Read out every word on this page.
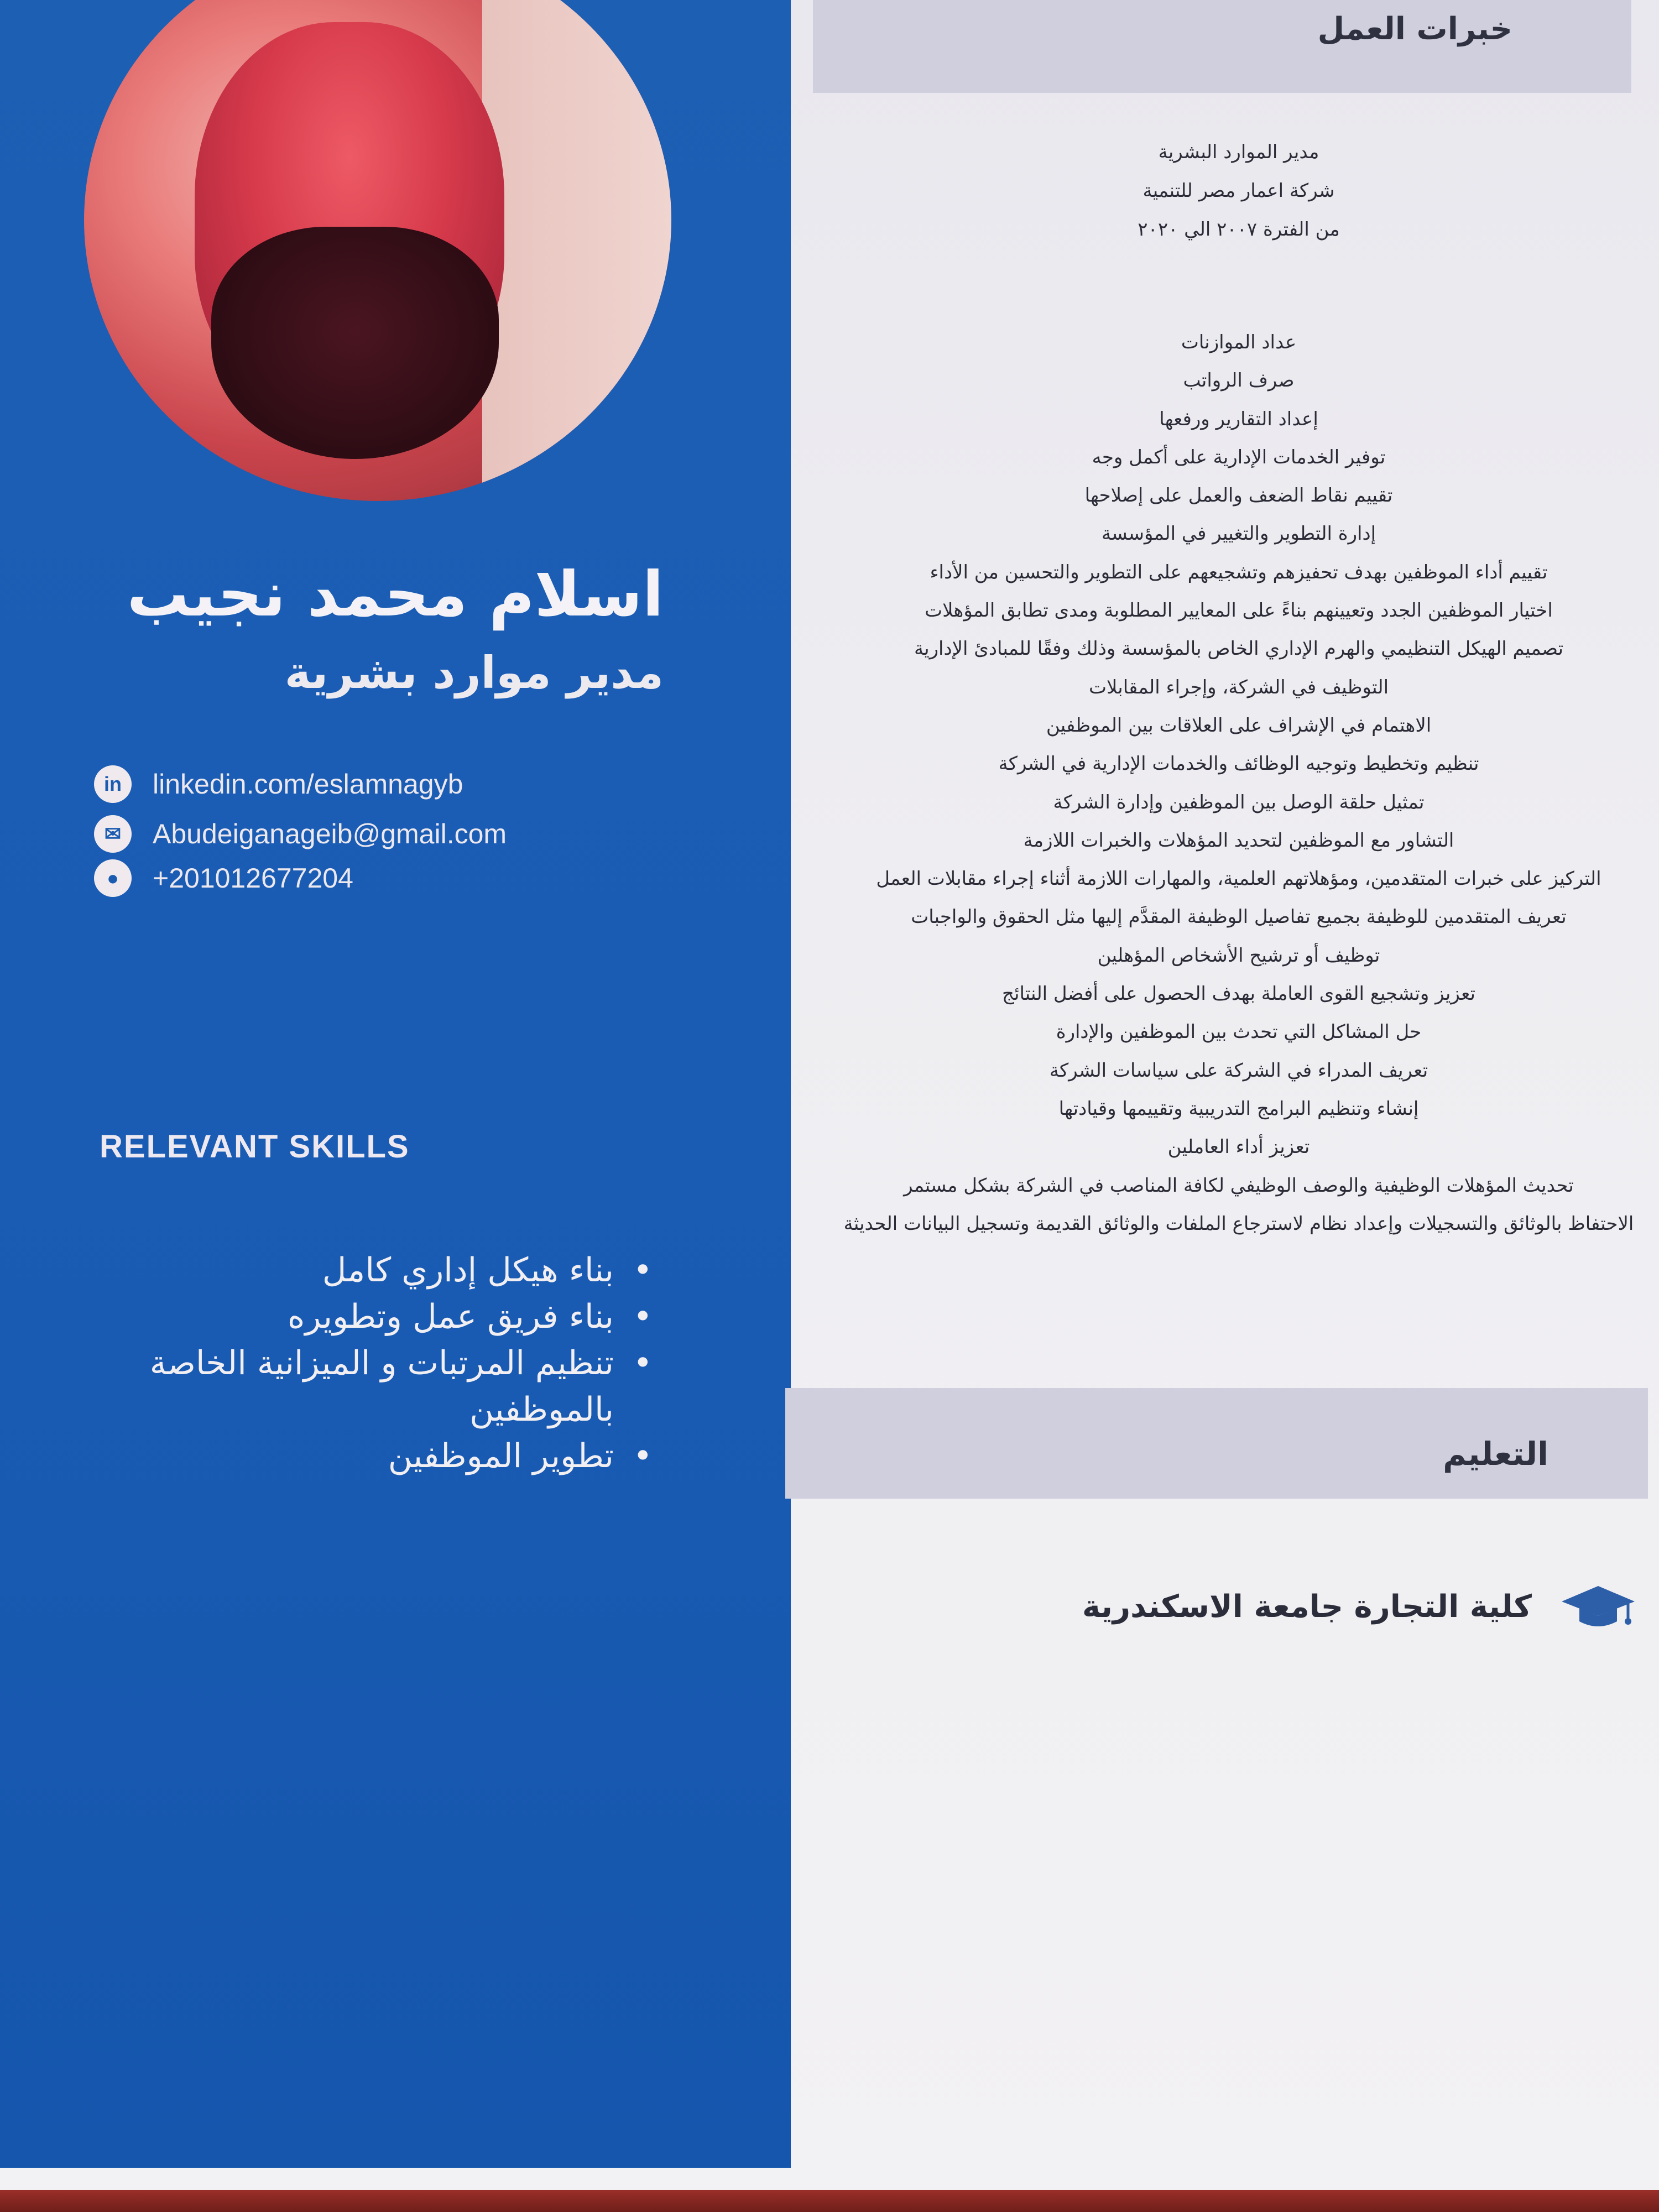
اسلام محمد نجيب
مدير موارد بشرية
in	linkedin.com/eslamnagyb
✉	Abudeiganageib@gmail.com
●	+201012677204
RELEVANT SKILLS
• بناء هيكل إداري كامل
• بناء فريق عمل وتطويره
• تنظيم المرتبات و الميزانية الخاصة بالموظفين
• تطوير الموظفين
خبرات العمل

مدير الموارد البشرية

شركة اعمار مصر للتنمية

من الفترة ٢٠٠٧ الي ٢٠٢٠

عداد الموازنات

صرف الرواتب

إعداد التقارير ورفعها

توفير الخدمات الإدارية على أكمل وجه

تقييم نقاط الضعف والعمل على إصلاحها

إدارة التطوير والتغيير في المؤسسة

تقييم أداء الموظفين بهدف تحفيزهم وتشجيعهم على التطوير والتحسين من الأداء

اختيار الموظفين الجدد وتعيينهم بناءً على المعايير المطلوبة ومدى تطابق المؤهلات

تصميم الهيكل التنظيمي والهرم الإداري الخاص بالمؤسسة وذلك وفقًا للمبادئ الإدارية

التوظيف في الشركة، وإجراء المقابلات

الاهتمام في الإشراف على العلاقات بين الموظفين

تنظيم وتخطيط وتوجيه الوظائف والخدمات الإدارية في الشركة

تمثيل حلقة الوصل بين الموظفين وإدارة الشركة

التشاور مع الموظفين لتحديد المؤهلات والخبرات اللازمة

التركيز على خبرات المتقدمين، ومؤهلاتهم العلمية، والمهارات اللازمة أثناء إجراء مقابلات العمل

تعريف المتقدمين للوظيفة بجميع تفاصيل الوظيفة المقدَّم إليها مثل الحقوق والواجبات

توظيف أو ترشيح الأشخاص المؤهلين

تعزيز وتشجيع القوى العاملة بهدف الحصول على أفضل النتائج

حل المشاكل التي تحدث بين الموظفين والإدارة

تعريف المدراء في الشركة على سياسات الشركة

إنشاء وتنظيم البرامج التدريبية وتقييمها وقيادتها

تعزيز أداء العاملين

تحديث المؤهلات الوظيفية والوصف الوظيفي لكافة المناصب في الشركة بشكل مستمر

الاحتفاظ بالوثائق والتسجيلات وإعداد نظام لاسترجاع الملفات والوثائق القديمة وتسجيل البيانات الحديثة

التعليم
كلية التجارة جامعة الاسكندرية
